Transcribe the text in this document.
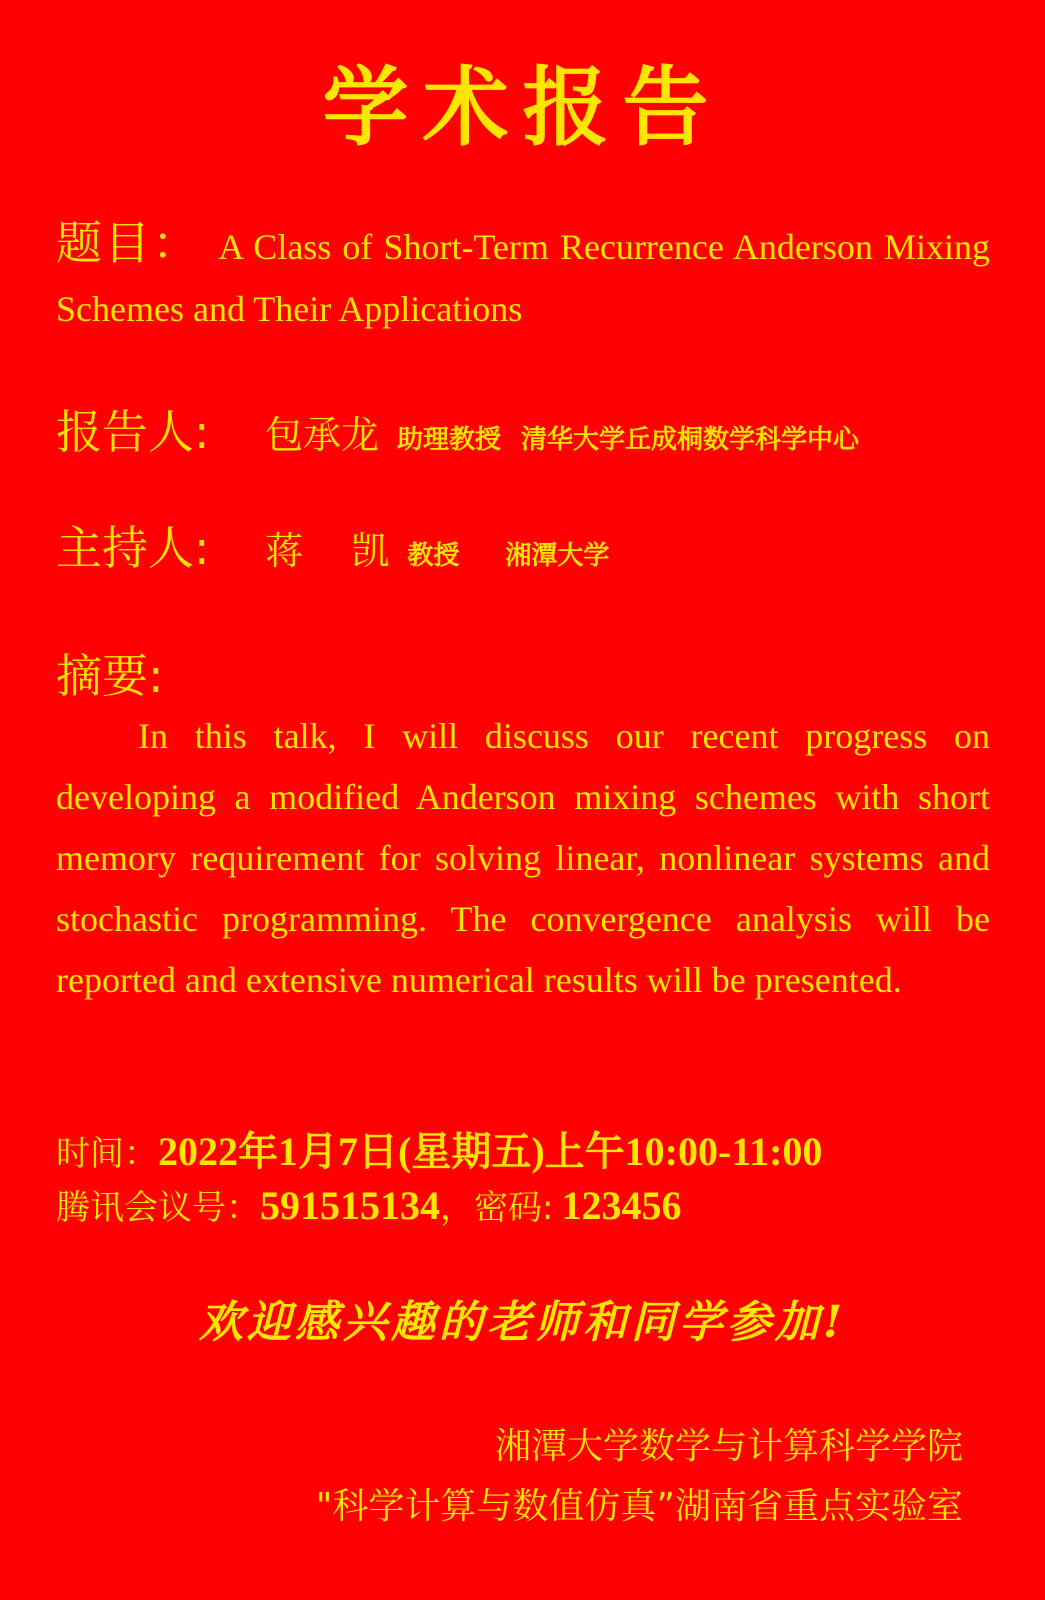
学术报告
题目： A Class of Short-Term Recurrence Anderson Mixing Schemes and Their Applications
报告人: 包承龙 助理教授 清华大学丘成桐数学科学中心
主持人: 蒋    凯 教授 湘潭大学
摘要:
In this talk, I will discuss our recent progress on developing a modified Anderson mixing schemes with short memory requirement for solving linear, nonlinear systems and stochastic programming. The convergence analysis will be reported and extensive numerical results will be presented.
时间：2022年1月7日(星期五)上午10:00-11:00
腾讯会议号：591515134，密码: 123456
欢迎感兴趣的老师和同学参加!
湘潭大学数学与计算科学学院
"科学计算与数值仿真”湖南省重点实验室
